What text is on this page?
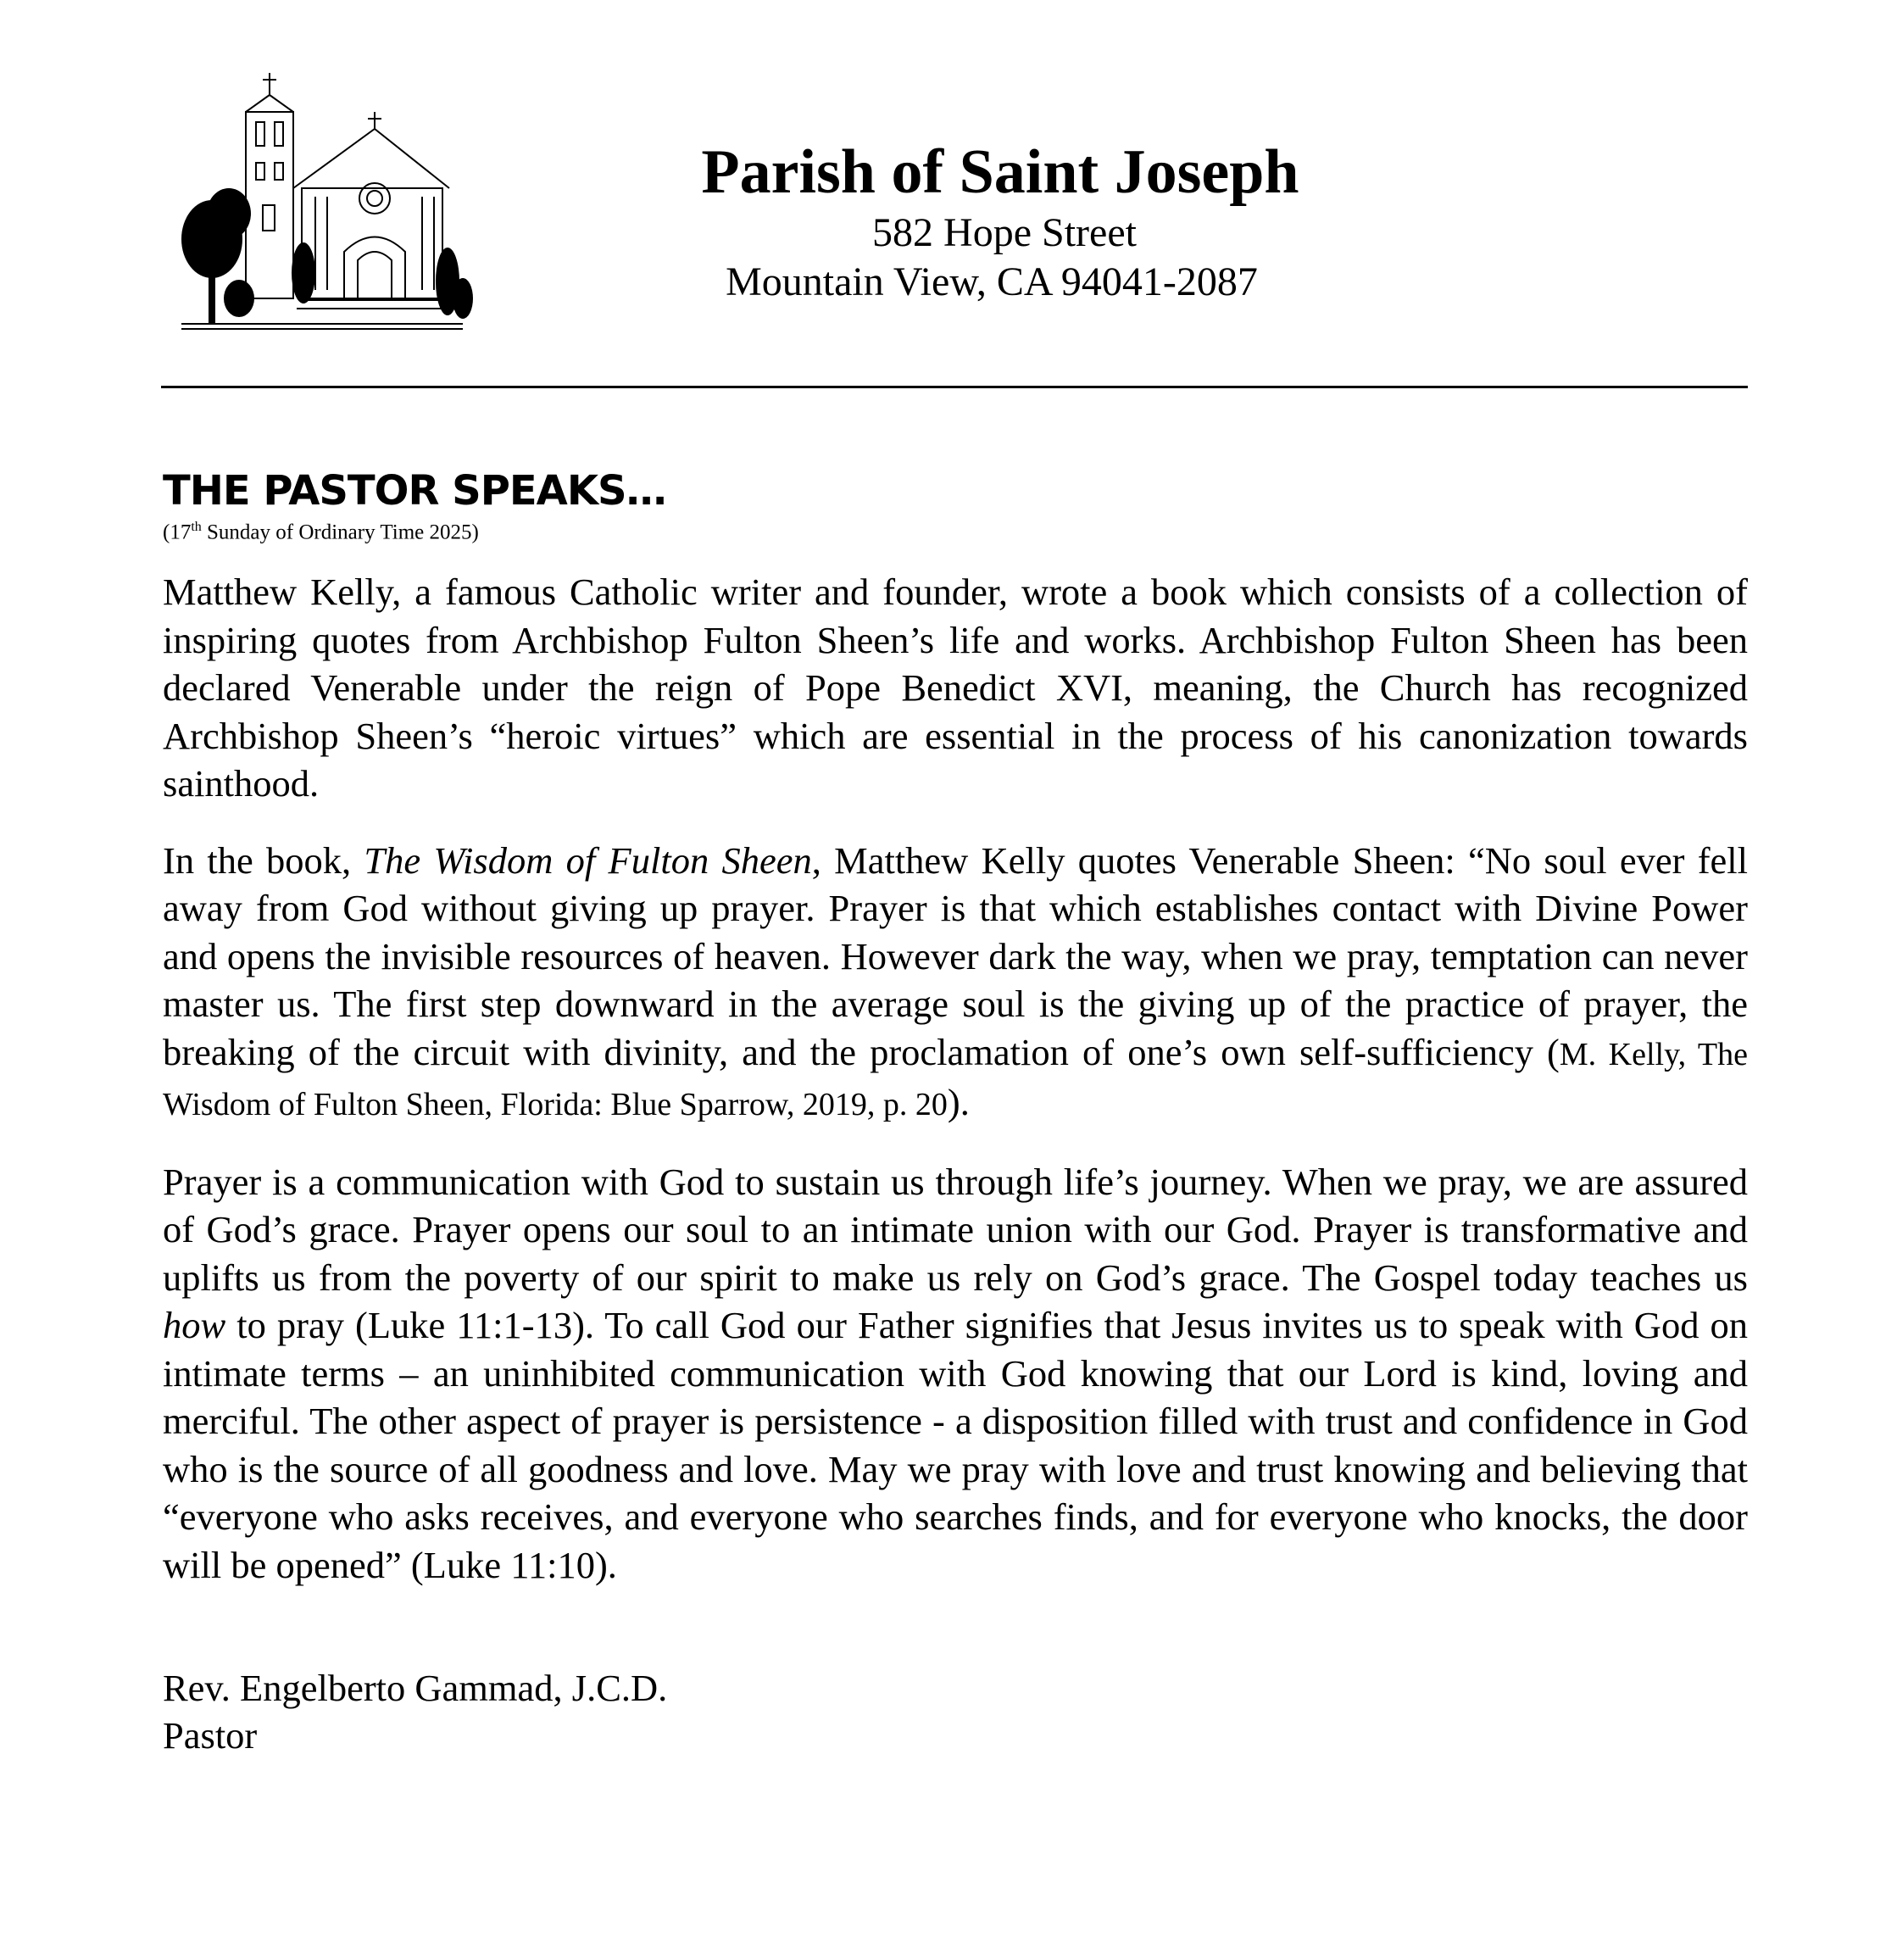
Parish of Saint Joseph
582 Hope Street
Mountain View, CA 94041-2087
THE PASTOR SPEAKS…
(17th Sunday of Ordinary Time 2025)

Matthew Kelly, a famous Catholic writer and founder, wrote a book which consists of a collection of inspiring quotes from Archbishop Fulton Sheen’s life and works. Archbishop Fulton Sheen has been declared Venerable under the reign of Pope Benedict XVI, meaning, the Church has recognized Archbishop Sheen’s “heroic virtues” which are essential in the process of his canonization towards sainthood.

In the book, The Wisdom of Fulton Sheen, Matthew Kelly quotes Venerable Sheen: “No soul ever fell away from God without giving up prayer. Prayer is that which establishes contact with Divine Power and opens the invisible resources of heaven. However dark the way, when we pray, temptation can never master us. The first step downward in the average soul is the giving up of the practice of prayer, the breaking of the circuit with divinity, and the proclamation of one’s own self-sufficiency (M. Kelly, The Wisdom of Fulton Sheen, Florida: Blue Sparrow, 2019, p. 20).

Prayer is a communication with God to sustain us through life’s journey. When we pray, we are assured of God’s grace. Prayer opens our soul to an intimate union with our God. Prayer is transformative and uplifts us from the poverty of our spirit to make us rely on God’s grace. The Gospel today teaches us how to pray (Luke 11:1-13). To call God our Father signifies that Jesus invites us to speak with God on intimate terms – an uninhibited communication with God knowing that our Lord is kind, loving and merciful. The other aspect of prayer is persistence - a disposition filled with trust and confidence in God who is the source of all goodness and love. May we pray with love and trust knowing and believing that “everyone who asks receives, and everyone who searches finds, and for everyone who knocks, the door will be opened” (Luke 11:10).

Rev. Engelberto Gammad, J.C.D.
Pastor
